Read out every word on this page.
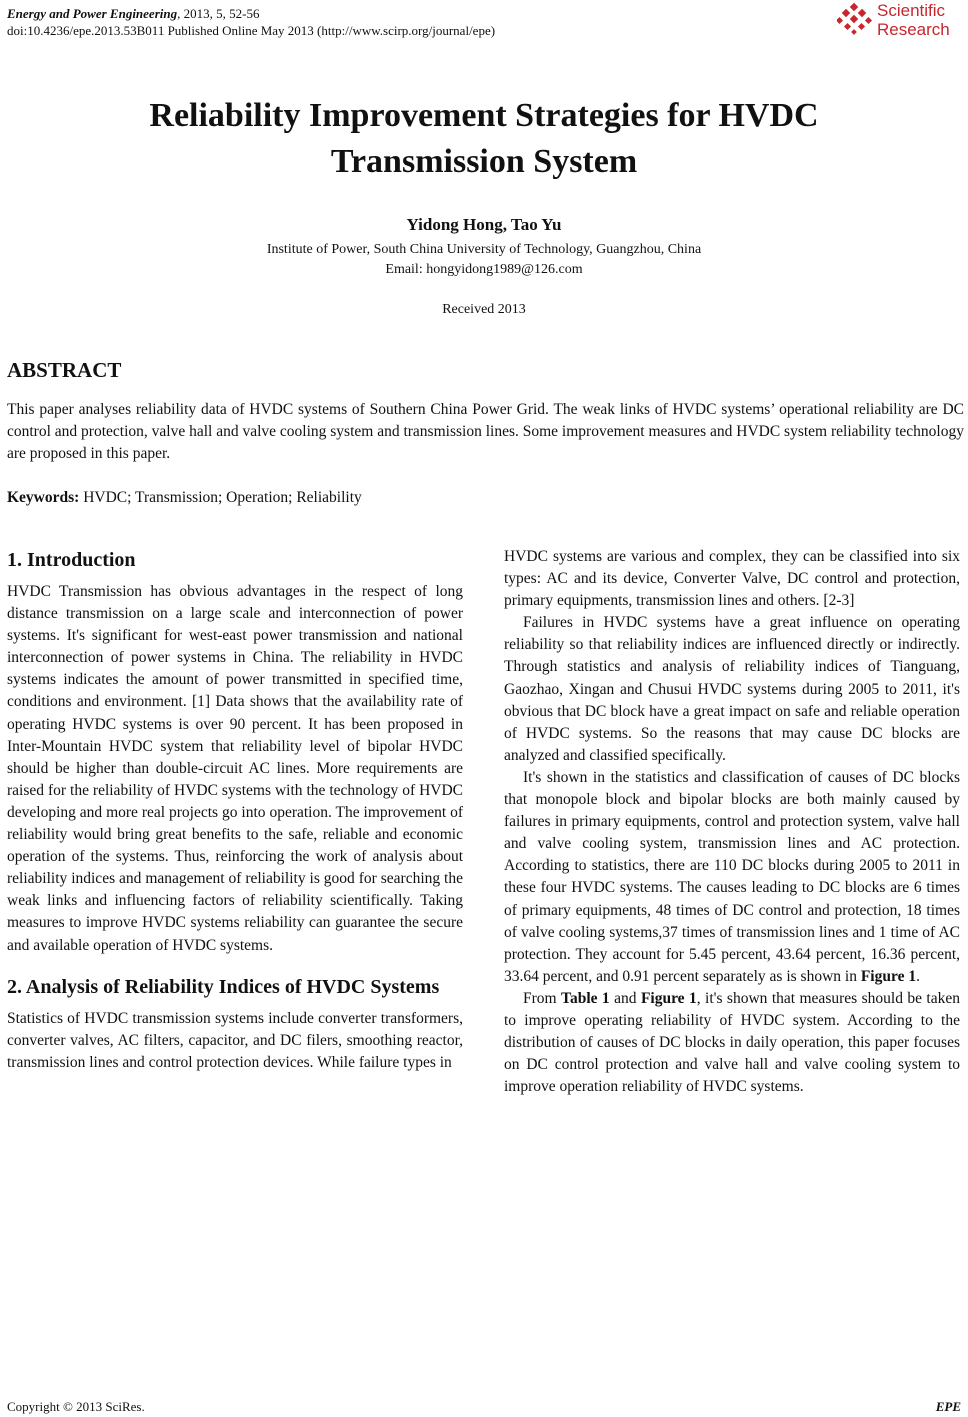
Energy and Power Engineering, 2013, 5, 52-56
doi:10.4236/epe.2013.53B011 Published Online May 2013 (http://www.scirp.org/journal/epe)
Scientific
Research
Reliability Improvement Strategies for HVDC
Transmission System
Yidong Hong, Tao Yu
Institute of Power, South China University of Technology, Guangzhou, China
Email: hongyidong1989@126.com
Received 2013
ABSTRACT
This paper analyses reliability data of HVDC systems of Southern China Power Grid. The weak links of HVDC systems’ operational reliability are DC control and protection, valve hall and valve cooling system and transmission lines. Some improvement measures and HVDC system reliability technology are proposed in this paper.
Keywords: HVDC; Transmission; Operation; Reliability
1. Introduction

HVDC Transmission has obvious advantages in the respect of long distance transmission on a large scale and interconnection of power systems. It's significant for west-east power transmission and national interconnection of power systems in China. The reliability in HVDC systems indicates the amount of power transmitted in specified time, conditions and environment. [1] Data shows that the availability rate of operating HVDC systems is over 90 percent. It has been proposed in Inter-Mountain HVDC system that reliability level of bipolar HVDC should be higher than double-circuit AC lines. More requirements are raised for the reliability of HVDC systems with the technology of HVDC developing and more real projects go into operation. The improvement of reliability would bring great benefits to the safe, reliable and economic operation of the systems. Thus, reinforcing the work of analysis about reliability indices and management of reliability is good for searching the weak links and influencing factors of reliability scientifically. Taking measures to improve HVDC systems reliability can guarantee the secure and available operation of HVDC systems.

2. Analysis of Reliability Indices of HVDC Systems

Statistics of HVDC transmission systems include converter transformers, converter valves, AC filters, capacitor, and DC filers, smoothing reactor, transmission lines and control protection devices. While failure types in

HVDC systems are various and complex, they can be classified into six types: AC and its device, Converter Valve, DC control and protection, primary equipments, transmission lines and others. [2-3]

Failures in HVDC systems have a great influence on operating reliability so that reliability indices are influenced directly or indirectly. Through statistics and analysis of reliability indices of Tianguang, Gaozhao, Xingan and Chusui HVDC systems during 2005 to 2011, it's obvious that DC block have a great impact on safe and reliable operation of HVDC systems. So the reasons that may cause DC blocks are analyzed and classified specifically.

It's shown in the statistics and classification of causes of DC blocks that monopole block and bipolar blocks are both mainly caused by failures in primary equipments, control and protection system, valve hall and valve cooling system, transmission lines and AC protection. According to statistics, there are 110 DC blocks during 2005 to 2011 in these four HVDC systems. The causes leading to DC blocks are 6 times of primary equipments, 48 times of DC control and protection, 18 times of valve cooling systems,37 times of transmission lines and 1 time of AC protection. They account for 5.45 percent, 43.64 percent, 16.36 percent, 33.64 percent, and 0.91 percent separately as is shown in Figure 1.

From Table 1 and Figure 1, it's shown that measures should be taken to improve operating reliability of HVDC system. According to the distribution of causes of DC blocks in daily operation, this paper focuses on DC control protection and valve hall and valve cooling system to improve operation reliability of HVDC systems.

Copyright © 2013 SciRes.	EPE
